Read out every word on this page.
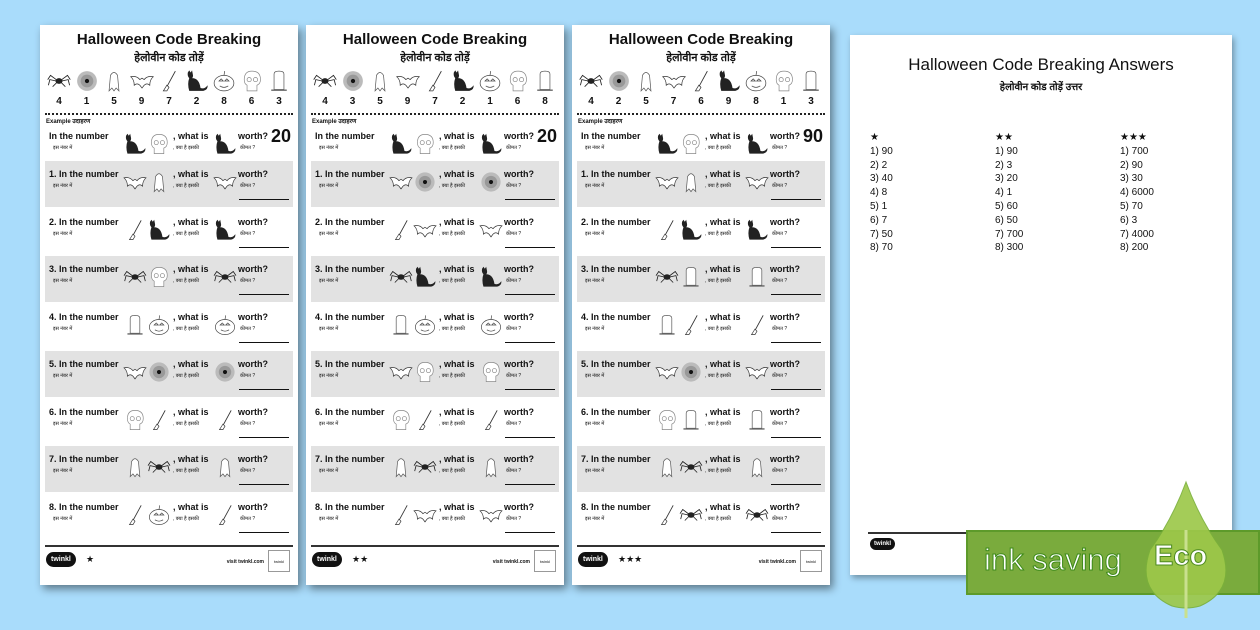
Halloween Code Breaking
हेलोवीन कोड तोड़ें
4	1	5	9	7	2	8	6	3
Example उदाहरण
In the number
इस नंबर में
, what is
, क्या है इसकी
worth?
कीमत ?
20
1. In the number
इस नंबर में
, what is
, क्या है इसकी
worth?
कीमत ?
2. In the number
इस नंबर में
, what is
, क्या है इसकी
worth?
कीमत ?
3. In the number
इस नंबर में
, what is
, क्या है इसकी
worth?
कीमत ?
4. In the number
इस नंबर में
, what is
, क्या है इसकी
worth?
कीमत ?
5. In the number
इस नंबर में
, what is
, क्या है इसकी
worth?
कीमत ?
6. In the number
इस नंबर में
, what is
, क्या है इसकी
worth?
कीमत ?
7. In the number
इस नंबर में
, what is
, क्या है इसकी
worth?
कीमत ?
8. In the number
इस नंबर में
, what is
, क्या है इसकी
worth?
कीमत ?
twinkl	★	visit twinkl.com	twinkl
Halloween Code Breaking
हेलोवीन कोड तोड़ें
4	3	5	9	7	2	1	6	8
Example उदाहरण
In the number
इस नंबर में
, what is
, क्या है इसकी
worth?
कीमत ?
20
1. In the number
इस नंबर में
, what is
, क्या है इसकी
worth?
कीमत ?
2. In the number
इस नंबर में
, what is
, क्या है इसकी
worth?
कीमत ?
3. In the number
इस नंबर में
, what is
, क्या है इसकी
worth?
कीमत ?
4. In the number
इस नंबर में
, what is
, क्या है इसकी
worth?
कीमत ?
5. In the number
इस नंबर में
, what is
, क्या है इसकी
worth?
कीमत ?
6. In the number
इस नंबर में
, what is
, क्या है इसकी
worth?
कीमत ?
7. In the number
इस नंबर में
, what is
, क्या है इसकी
worth?
कीमत ?
8. In the number
इस नंबर में
, what is
, क्या है इसकी
worth?
कीमत ?
twinkl	★★	visit twinkl.com	twinkl
Halloween Code Breaking
हेलोवीन कोड तोड़ें
4	2	5	7	6	9	8	1	3
Example उदाहरण
In the number
इस नंबर में
, what is
, क्या है इसकी
worth?
कीमत ?
90
1. In the number
इस नंबर में
, what is
, क्या है इसकी
worth?
कीमत ?
2. In the number
इस नंबर में
, what is
, क्या है इसकी
worth?
कीमत ?
3. In the number
इस नंबर में
, what is
, क्या है इसकी
worth?
कीमत ?
4. In the number
इस नंबर में
, what is
, क्या है इसकी
worth?
कीमत ?
5. In the number
इस नंबर में
, what is
, क्या है इसकी
worth?
कीमत ?
6. In the number
इस नंबर में
, what is
, क्या है इसकी
worth?
कीमत ?
7. In the number
इस नंबर में
, what is
, क्या है इसकी
worth?
कीमत ?
8. In the number
इस नंबर में
, what is
, क्या है इसकी
worth?
कीमत ?
twinkl	★★★	visit twinkl.com	twinkl
Halloween Code Breaking Answers
हेलोवीन कोड तोड़ें उत्तर
★
1) 90
2) 2
3) 40
4) 8
5) 1
6) 7
7) 50
8) 70
★★
1) 90
2) 3
3) 20
4) 1
5) 60
6) 50
7) 700
8) 300
★★★
1) 700
2) 90
3) 30
4) 6000
5) 70
6) 3
7) 4000
8) 200
twinkl	ink saving Eco
